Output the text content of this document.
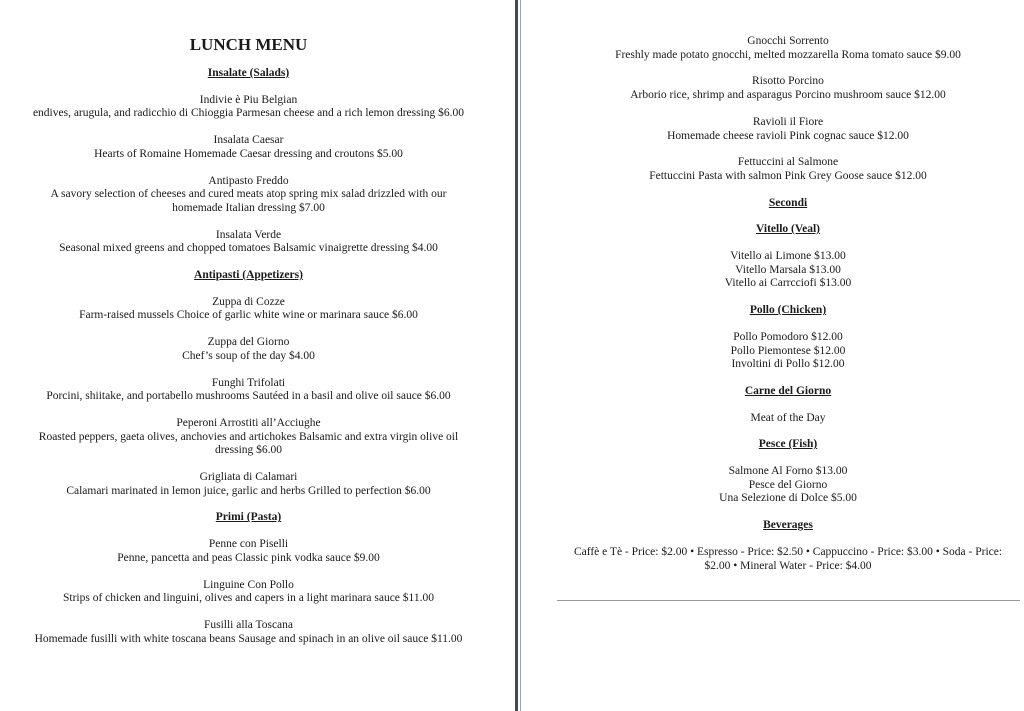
LUNCH MENU

Insalate (Salads)

Indivie è Piu Belgian
endives, arugula, and radicchio di Chioggia Parmesan cheese and a rich lemon dressing $6.00
Insalata Caesar
Hearts of Romaine Homemade Caesar dressing and croutons $5.00
Antipasto Freddo
A savory selection of cheeses and cured meats atop spring mix salad drizzled with our
homemade Italian dressing $7.00
Insalata Verde
Seasonal mixed greens and chopped tomatoes Balsamic vinaigrette dressing $4.00

Antipasti (Appetizers)

Zuppa di Cozze
Farm-raised mussels Choice of garlic white wine or marinara sauce $6.00
Zuppa del Giorno
Chef’s soup of the day $4.00
Funghi Trifolati
Porcini, shiitake, and portabello mushrooms Sautéed in a basil and olive oil sauce $6.00
Peperoni Arrostiti all’Acciughe
Roasted peppers, gaeta olives, anchovies and artichokes Balsamic and extra virgin olive oil
dressing $6.00
Grigliata di Calamari
Calamari marinated in lemon juice, garlic and herbs Grilled to perfection $6.00

Primi (Pasta)

Penne con Piselli
Penne, pancetta and peas Classic pink vodka sauce $9.00
Linguine Con Pollo
Strips of chicken and linguini, olives and capers in a light marinara sauce $11.00
Fusilli alla Toscana
Homemade fusilli with white toscana beans Sausage and spinach in an olive oil sauce $11.00
Gnocchi Sorrento
Freshly made potato gnocchi, melted mozzarella Roma tomato sauce $9.00
Risotto Porcino
Arborio rice, shrimp and asparagus Porcino mushroom sauce $12.00
Ravioli il Fiore
Homemade cheese ravioli Pink cognac sauce $12.00
Fettuccini al Salmone
Fettuccini Pasta with salmon Pink Grey Goose sauce $12.00

Secondi

Vitello (Veal)

Vitello ai Limone $13.00
Vitello Marsala $13.00
Vitello ai Carrcciofi $13.00

Pollo (Chicken)

Pollo Pomodoro $12.00
Pollo Piemontese $12.00
Involtini di Pollo $12.00

Carne del Giorno

Meat of the Day

Pesce (Fish)

Salmone Al Forno $13.00
Pesce del Giorno
Una Selezione di Dolce $5.00

Beverages

Caffè e Tè - Price: $2.00 • Espresso - Price: $2.50 • Cappuccino - Price: $3.00 • Soda - Price:
$2.00 • Mineral Water - Price: $4.00
